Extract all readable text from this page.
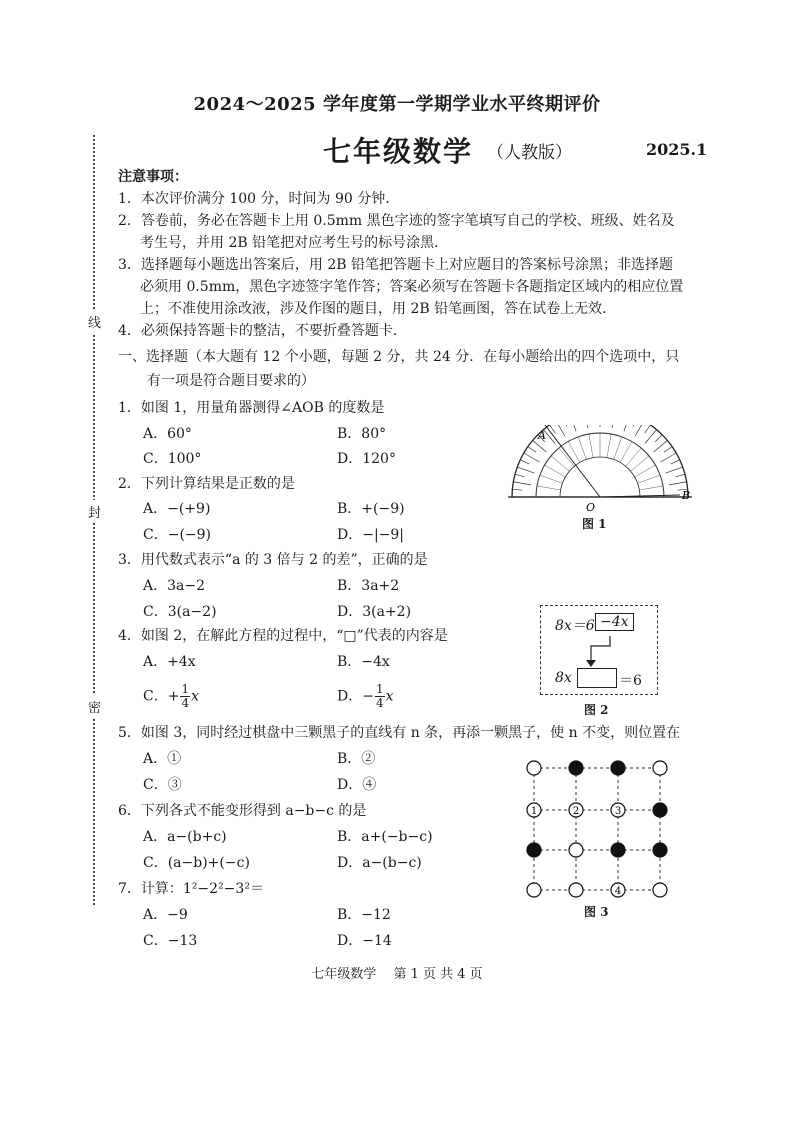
线
封
密
2024～2025 学年度第一学期学业水平终期评价
七年级数学 （人教版）	2025.1
注意事项：
1．本次评价满分 100 分，时间为 90 分钟．
2．答卷前，务必在答题卡上用 0.5mm 黑色字迹的签字笔填写自己的学校、班级、姓名及
考生号，并用 2B 铅笔把对应考生号的标号涂黑．
3．选择题每小题选出答案后，用 2B 铅笔把答题卡上对应题目的答案标号涂黑；非选择题
必须用 0.5mm，黑色字迹签字笔作答；答案必须写在答题卡各题指定区域内的相应位置
上；不准使用涂改液，涉及作图的题目，用 2B 铅笔画图，答在试卷上无效．
4．必须保持答题卡的整洁，不要折叠答题卡．
一、选择题（本大题有 12 个小题，每题 2 分，共 24 分．在每小题给出的四个选项中，只
有一项是符合题目要求的）
1．如图 1，用量角器测得∠AOB 的度数是
A．60°	B．80°
C．100°	D．120°
2．下列计算结果是正数的是
A．−(+9)	B．+(−9)
C．−(−9)	D．−|−9|
3．用代数式表示“a 的 3 倍与 2 的差”，正确的是
A．3a−2	B．3a+2
C．3(a−2)	D．3(a+2)
4．如图 2，在解此方程的过程中，“□”代表的内容是
A．+4x	B．−4x
C．+ $\frac{1}{4}$ x	D．− $\frac{1}{4}$ x
5．如图 3，同时经过棋盘中三颗黑子的直线有 n 条，再添一颗黑子，使 n 不变，则位置在
A．①	B．②
C．③	D．④
6．下列各式不能变形得到 a−b−c 的是
A．a−(b+c)	B．a+(−b−c)
C．(a−b)+(−c)	D．a−(b−c)
7．计算：1²−2²−3²＝
A．−9	B．−12
C．−13	D．−14
A
O
B
图 1
8x＝6 −4x
8x	＝6
图 2
1	2	3
4
图 3
七年级数学　 第 1 页 共 4 页
